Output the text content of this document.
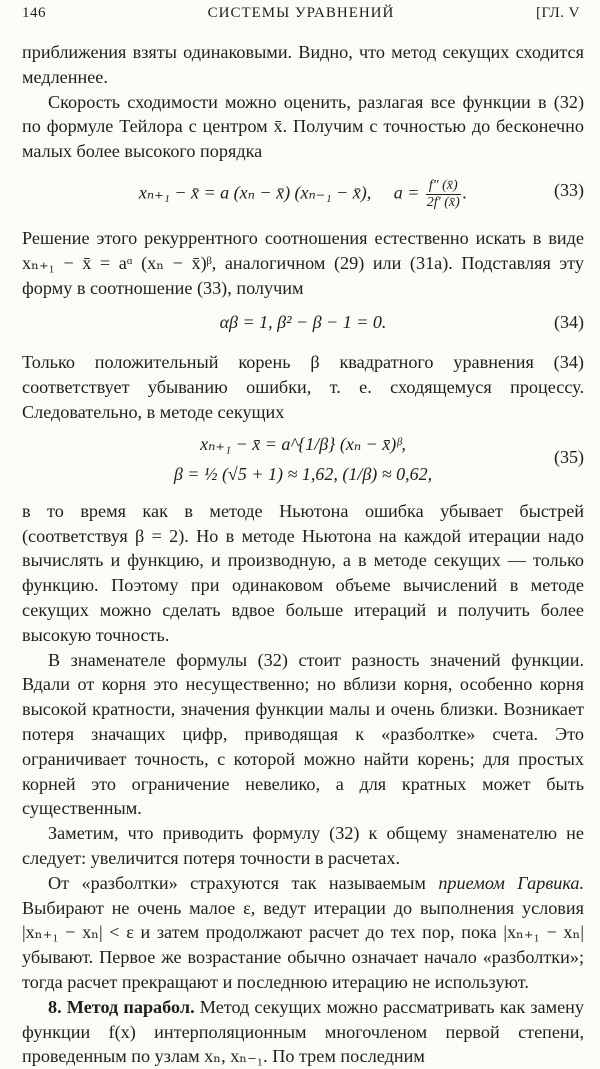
146	СИСТЕМЫ УРАВНЕНИЙ	[ГЛ. V

приближения взяты одинаковыми. Видно, что метод секущих сходится медленнее.

Скорость сходимости можно оценить, разлагая все функции в (32) по формуле Тейлора с центром x̄. Получим с точностью до бесконечно малых более высокого порядка

xₙ₊₁ − x̄ = a (xₙ − x̄) (xₙ₋₁ − x̄), $a = \frac{f'' (x̄)}{2f' (x̄)}$ .	(33)

Решение этого рекуррентного соотношения естественно искать в виде xₙ₊₁ − x̄ = aᵅ (xₙ − x̄)ᵝ, аналогичном (29) или (31а). Подставляя эту форму в соотношение (33), получим

αβ = 1, β² − β − 1 = 0.	(34)

Только положительный корень β квадратного уравнения (34) соответствует убыванию ошибки, т. е. сходящемуся процессу. Следовательно, в методе секущих

xₙ₊₁ − x̄ = a^{1/β} (xₙ − x̄)ᵝ,
β = ½ (√5 + 1) ≈ 1,62, (1/β) ≈ 0,62,
(35)

в то время как в методе Ньютона ошибка убывает быстрей (соответствуя β = 2). Но в методе Ньютона на каждой итерации надо вычислять и функцию, и производную, а в методе секущих — только функцию. Поэтому при одинаковом объеме вычислений в методе секущих можно сделать вдвое больше итераций и получить более высокую точность.

В знаменателе формулы (32) стоит разность значений функции. Вдали от корня это несущественно; но вблизи корня, особенно корня высокой кратности, значения функции малы и очень близки. Возникает потеря значащих цифр, приводящая к «разболтке» счета. Это ограничивает точность, с которой можно найти корень; для простых корней это ограничение невелико, а для кратных может быть существенным.

Заметим, что приводить формулу (32) к общему знаменателю не следует: увеличится потеря точности в расчетах.

От «разболтки» страхуются так называемым приемом Гарвика. Выбирают не очень малое ε, ведут итерации до выполнения условия |xₙ₊₁ − xₙ| < ε и затем продолжают расчет до тех пор, пока |xₙ₊₁ − xₙ| убывают. Первое же возрастание обычно означает начало «разболтки»; тогда расчет прекращают и последнюю итерацию не используют.

8. Метод парабол. Метод секущих можно рассматривать как замену функции f(x) интерполяционным многочленом первой степени, проведенным по узлам xₙ, xₙ₋₁. По трем последним
